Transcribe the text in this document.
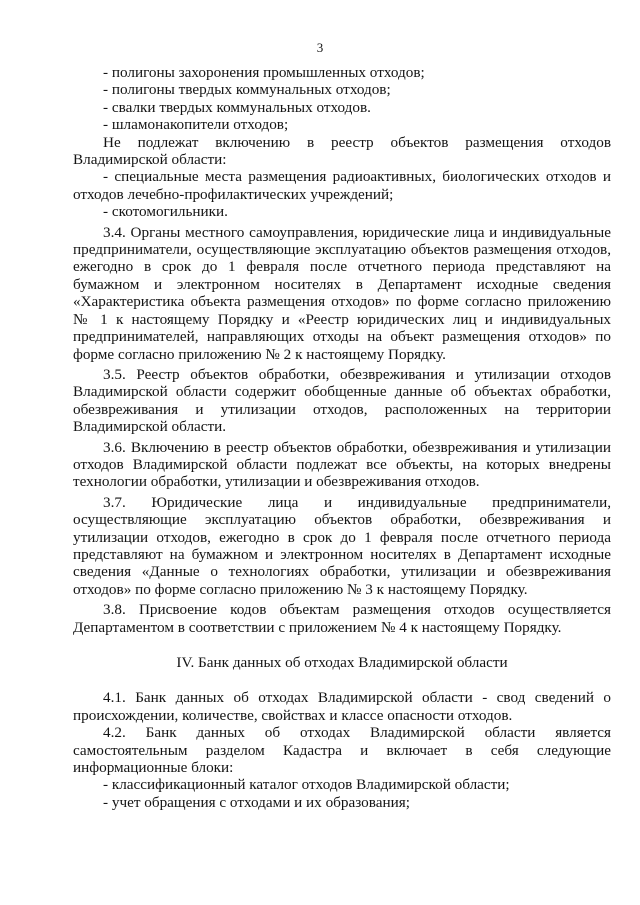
3

- полигоны захоронения промышленных отходов;

- полигоны твердых коммунальных отходов;

- свалки твердых коммунальных отходов.

- шламонакопители отходов;

Не подлежат включению в реестр объектов размещения отходов Владимирской области:

- специальные места размещения радиоактивных, биологических отходов и отходов лечебно-профилактических учреждений;

- скотомогильники.

3.4. Органы местного самоуправления, юридические лица и индивидуальные предприниматели, осуществляющие эксплуатацию объектов размещения отходов, ежегодно в срок до 1 февраля после отчетного периода представляют на бумажном и электронном носителях в Департамент исходные сведения «Характеристика объекта размещения отходов» по форме согласно приложению № 1 к настоящему Порядку и «Реестр юридических лиц и индивидуальных предпринимателей, направляющих отходы на объект размещения отходов» по форме согласно приложению № 2 к настоящему Порядку.

3.5. Реестр объектов обработки, обезвреживания и утилизации отходов Владимирской области содержит обобщенные данные об объектах обработки, обезвреживания и утилизации отходов, расположенных на территории Владимирской области.

3.6. Включению в реестр объектов обработки, обезвреживания и утилизации отходов Владимирской области подлежат все объекты, на которых внедрены технологии обработки, утилизации и обезвреживания отходов.

3.7. Юридические лица и индивидуальные предприниматели, осуществляющие эксплуатацию объектов обработки, обезвреживания и утилизации отходов, ежегодно в срок до 1 февраля после отчетного периода представляют на бумажном и электронном носителях в Департамент исходные сведения «Данные о технологиях обработки, утилизации и обезвреживания отходов» по форме согласно приложению № 3 к настоящему Порядку.

3.8. Присвоение кодов объектам размещения отходов осуществляется Департаментом в соответствии с приложением № 4 к настоящему Порядку.

IV. Банк данных об отходах Владимирской области

4.1. Банк данных об отходах Владимирской области - свод сведений о происхождении, количестве, свойствах и классе опасности отходов.

4.2. Банк данных об отходах Владимирской области является самостоятельным разделом Кадастра и включает в себя следующие информационные блоки:

- классификационный каталог отходов Владимирской области;

- учет обращения с отходами и их образования;
